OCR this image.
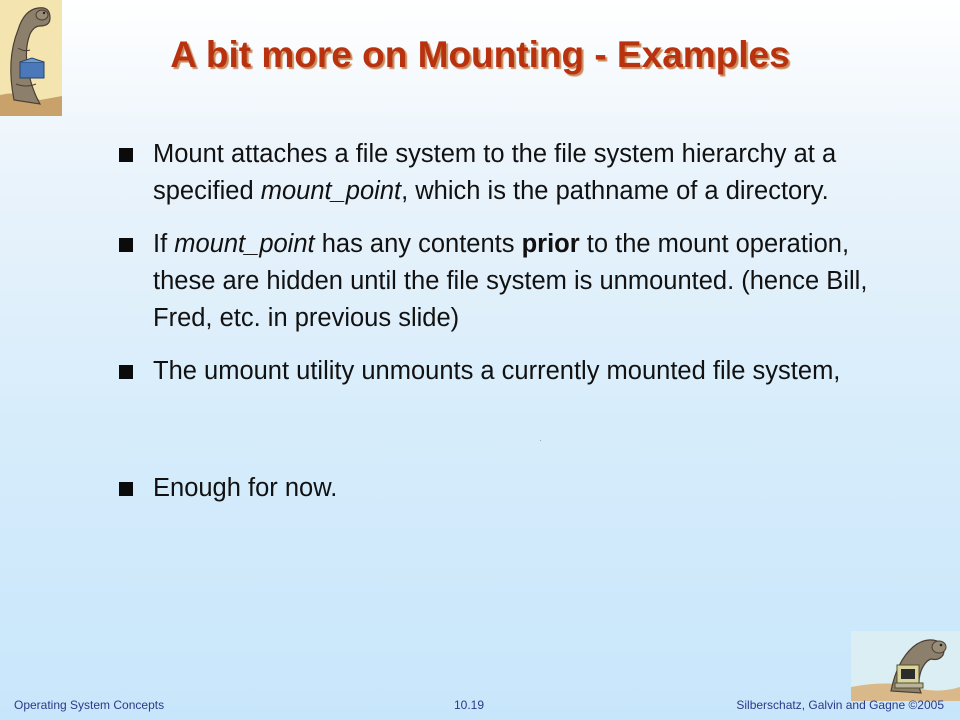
A bit more on Mounting - Examples
Mount attaches a file system to the file system hierarchy at a specified mount_point, which is the pathname of a directory.
If mount_point has any contents prior to the mount operation, these are hidden until the file system is unmounted. (hence Bill, Fred, etc. in previous slide)
The umount utility unmounts a currently mounted file system,
Enough for now.
Operating System Concepts	10.19	Silberschatz, Galvin and Gagne ©2005
